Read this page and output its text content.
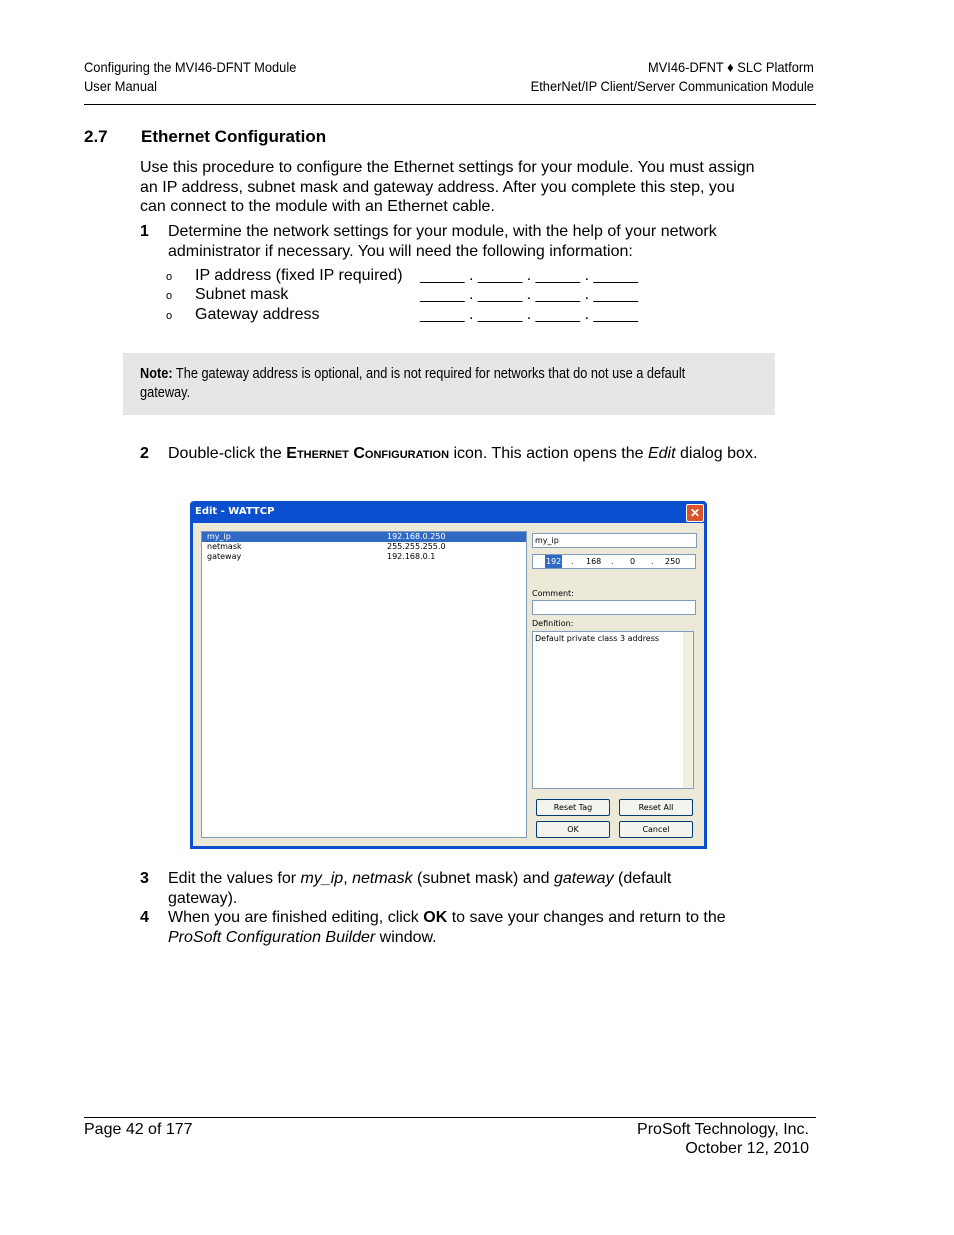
Configuring the MVI46-DFNT Module
User Manual
MVI46-DFNT ♦ SLC Platform
EtherNet/IP Client/Server Communication Module
2.7 Ethernet Configuration
Use this procedure to configure the Ethernet settings for your module. You must assign an IP address, subnet mask and gateway address. After you complete this step, you can connect to the module with an Ethernet cable.
1 Determine the network settings for your module, with the help of your network administrator if necessary. You will need the following information:
o IP address (fixed IP required) _____ . _____ . _____ . _____
o Subnet mask	_____ . _____ . _____ . _____
o Gateway address	_____ . _____ . _____ . _____
Note: The gateway address is optional, and is not required for networks that do not use a default gateway.
2 Double-click the Ethernet Configuration icon. This action opens the Edit dialog box.
Edit - WATTCP	✕
my_ip	192.168.0.250
netmask	255.255.255.0
gateway	192.168.0.1
my_ip
192 . 168 . 0 . 250
Comment:
Definition:
Default private class 3 address
Reset Tag	Reset All
OK	Cancel
3 Edit the values for my_ip, netmask (subnet mask) and gateway (default gateway).
4 When you are finished editing, click OK to save your changes and return to the ProSoft Configuration Builder window.
Page 42 of 177	ProSoft Technology, Inc.
October 12, 2010
